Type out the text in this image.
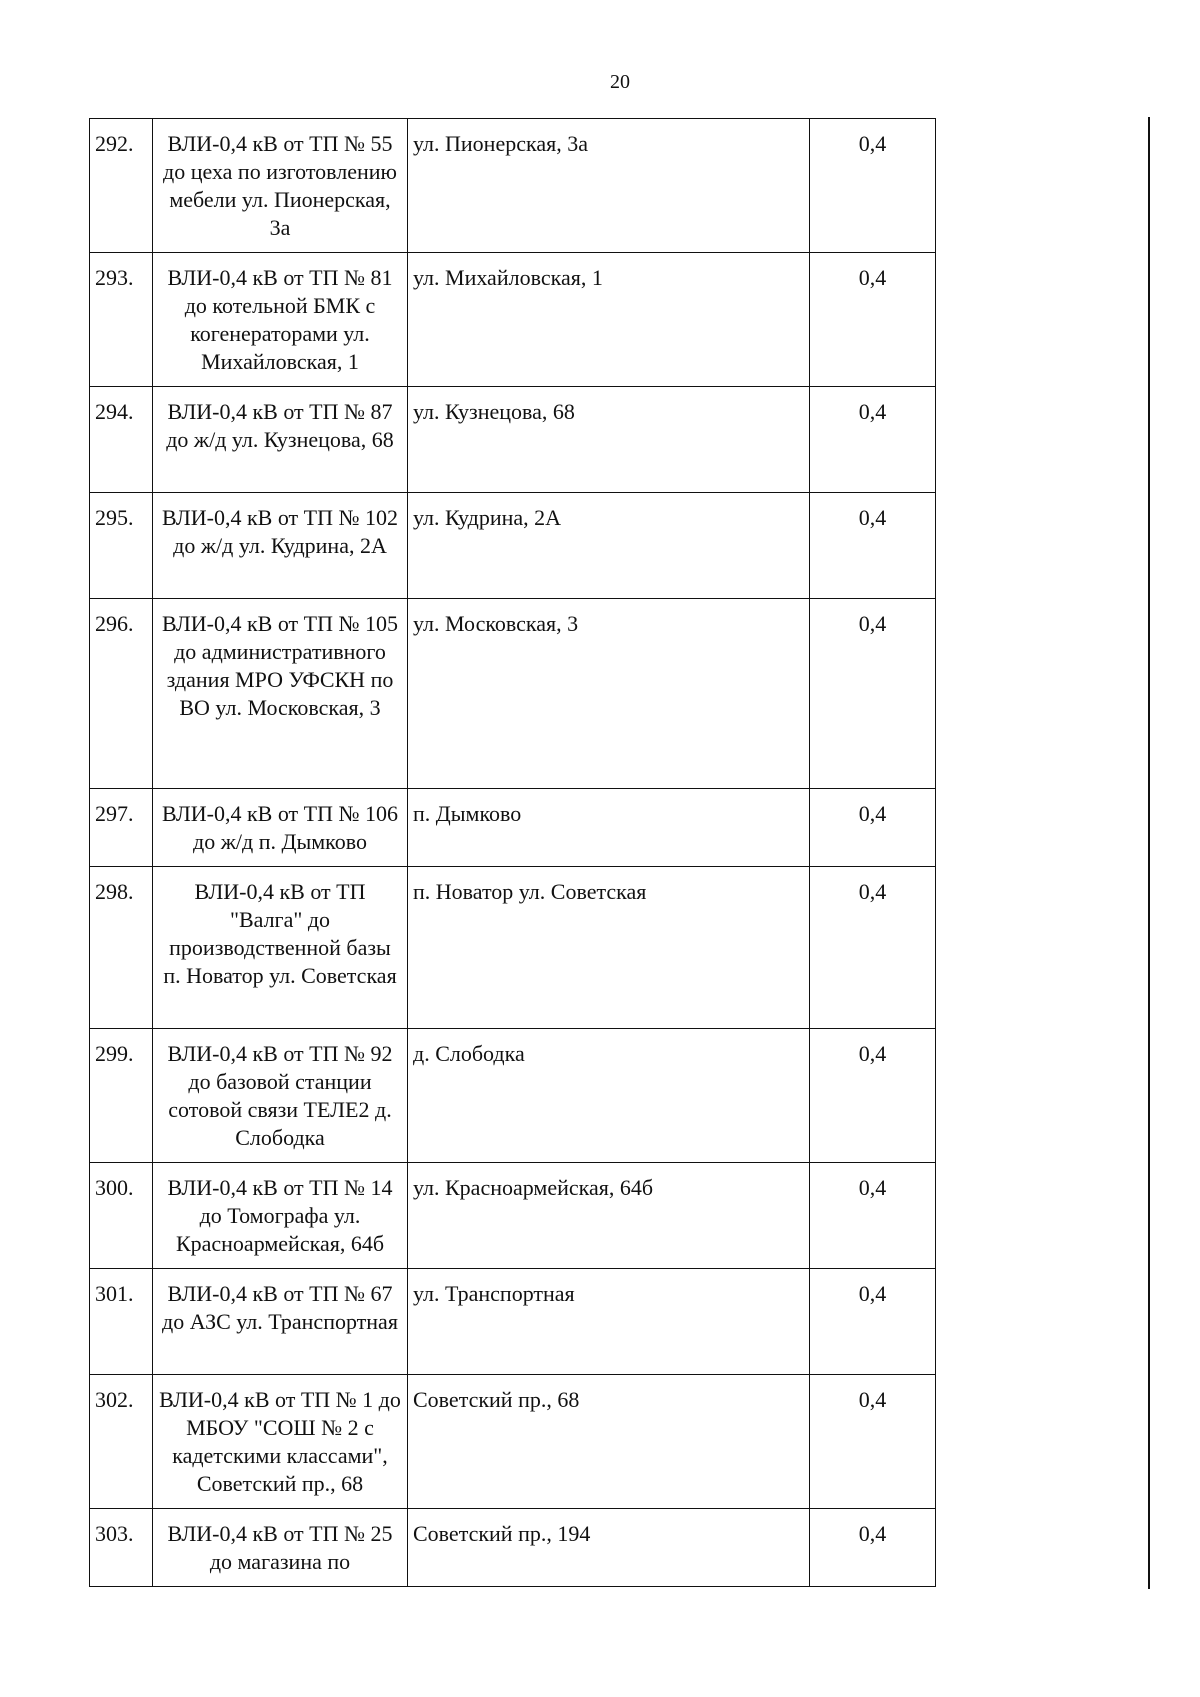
20
292.	ВЛИ-0,4 кВ от ТП № 55 до цеха по изготовлению мебели ул. Пионерская, 3а	ул. Пионерская, 3а	0,4
293.	ВЛИ-0,4 кВ от ТП № 81 до котельной БМК с когенераторами ул. Михайловская, 1	ул. Михайловская, 1	0,4
294.	ВЛИ-0,4 кВ от ТП № 87 до ж/д ул. Кузнецова, 68	ул. Кузнецова, 68	0,4
295.	ВЛИ-0,4 кВ от ТП № 102 до ж/д ул. Кудрина, 2А	ул. Кудрина, 2А	0,4
296.	ВЛИ-0,4 кВ от ТП № 105 до административного здания МРО УФСКН по ВО ул. Московская, 3	ул. Московская, 3	0,4
297.	ВЛИ-0,4 кВ от ТП № 106 до ж/д п. Дымково	п. Дымково	0,4
298.	ВЛИ-0,4 кВ от ТП "Валга" до производственной базы п. Новатор ул. Советская	п. Новатор ул. Советская	0,4
299.	ВЛИ-0,4 кВ от ТП № 92 до базовой станции сотовой связи ТЕЛЕ2 д. Слободка	д. Слободка	0,4
300.	ВЛИ-0,4 кВ от ТП № 14 до Томографа ул. Красноармейская, 64б	ул. Красноармейская, 64б	0,4
301.	ВЛИ-0,4 кВ от ТП № 67 до АЗС ул. Транспортная	ул. Транспортная	0,4
302.	ВЛИ-0,4 кВ от ТП № 1 до МБОУ "СОШ № 2 с кадетскими классами", Советский пр., 68	Советский пр., 68	0,4
303.	ВЛИ-0,4 кВ от ТП № 25 до магазина по	Советский пр., 194	0,4
